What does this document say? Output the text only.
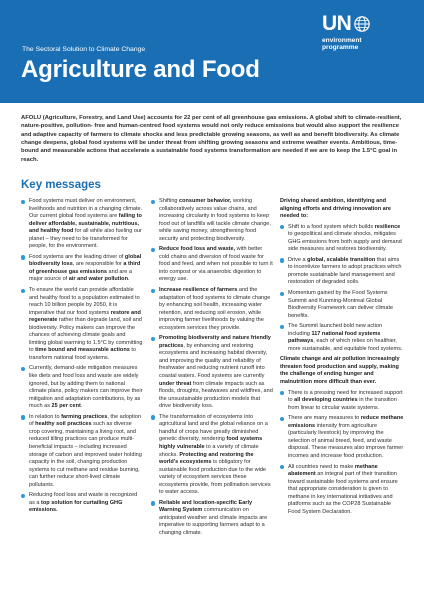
The Sectoral Solution to Climate Change
Agriculture and Food
UN
environment
programme

AFOLU (Agriculture, Forestry, and Land Use) accounts for 22 per cent of all greenhouse gas emissions. A global shift to climate-resilient, nature-positive, pollution- free and human-centred food systems would not only reduce emissions but would also support the resilience and adaptive capacity of farmers to climate shocks and less predictable growing seasons, as well as and benefit biodiversity. As climate change deepens, global food systems will be under threat from shifting growing seasons and extreme weather events. Ambitious, time-bound and measurable actions that accelerate a sustainable food systems transformation are needed if we are to keep the 1.5°C goal in reach.

Key messages
Food systems must deliver on environment, livelihoods and nutrition in a changing climate. Our current global food systems are failing to deliver affordable, sustainable, nutritious, and healthy food for all while also fueling our planet – they need to be transformed for people, for the environment.
Food systems are the leading driver of global biodiversity loss, are responsible for a third of greenhouse gas emissions and are a major source of air and water pollution.
To ensure the world can provide affordable and healthy food to a population estimated to reach 10 billion people by 2050, it is imperative that our food systems restore and regenerate rather than degrade land, soil and biodiversity. Policy makers can improve the chances of achieving climate goals and limiting global warming to 1.5°C by committing to time bound and measurable actions to transform national food systems.
Currently, demand-side mitigation measures like diets and food loss and waste are widely ignored, but by adding them to national climate plans, policy makers can improve their mitigation and adaptation contributions, by as much as 25 per cent.
In relation to farming practices, the adoption of healthy soil practices such as diverse crop covering, maintaining a living root, and reduced tilling practices can produce multi-beneficial impacts – including increased storage of carbon and improved water holding capacity in the soil, changing production systems to cut methane and residue burning, can further reduce short-lived climate pollutants.
Reducing food loss and waste is recognized as a top solution for curtailing GHG emissions.
Shifting consumer behavior, working collaboratively across value chains, and increasing circularity in food systems to keep food out of landfills will tackle climate change, while saving money, strengthening food security and protecting biodiversity.
Reduce food loss and waste, with better cold chains and diversion of food waste for food and feed, and when not possible to turn it into compost or via anaerobic digestion to energy use.
Increase resilience of farmers and the adaptation of food systems to climate change by enhancing soil health, increasing water retention, and reducing soil erosion, while improving farmer livelihoods by valuing the ecosystem services they provide.
Promoting biodiversity and nature friendly practices, by enhancing and restoring ecosystems and increasing habitat diversity, and improving the quality and reliability of freshwater and reducing nutrient runoff into coastal waters. Food systems are currently under threat from climate impacts such as floods, droughts, heatwaves and wildfires, and the unsustainable production models that drive biodiversity loss.
The transformation of ecosystems into agricultural land and the global reliance on a handful of crops have greatly diminished genetic diversity, rendering food systems highly vulnerable to a variety of climate shocks. Protecting and restoring the world's ecosystems is obligatory for sustainable food production due to the wide variety of ecosystem services these ecosystems provide, from pollination services to water access.
Reliable and location-specific Early Warning System communication on anticipated weather and climate impacts are imperative to supporting farmers adapt to a changing climate.
Driving shared ambition, identifying and aligning efforts and driving innovation are needed to:
Shift to a food system which builds resilience to geopolitical and climate shocks, mitigates GHG emissions from both supply and demand side measures and restores biodiversity.
Drive a global, scalable transition that aims to incentivize farmers to adopt practices which promote sustainable land management and restoration of degraded soils.
Momentum gained by the Food Systems Summit and Kunming-Montreal Global Biodiversity Framework can deliver climate benefits.
The Summit launched bold new action including 117 national food systems pathways, each of which relies on healthier, more sustainable, and equitable food systems.
Climate change and air pollution increasingly threaten food production and supply, making the challenge of ending hunger and malnutrition more difficult than ever.
There is a pressing need for increased support to all developing countries in the transition from linear to circular waste systems.
There are many measures to reduce methane emissions intensity from agriculture (particularly livestock) by improving the selection of animal breed, feed, and waste disposal. These measures also improve farmer incomes and increase food production.
All countries need to make methane abatement an integral part of their transition toward sustainable food systems and ensure that appropriate consideration is given to methane in key international initiatives and platforms such as the COP28 Sustainable Food System Declaration.
